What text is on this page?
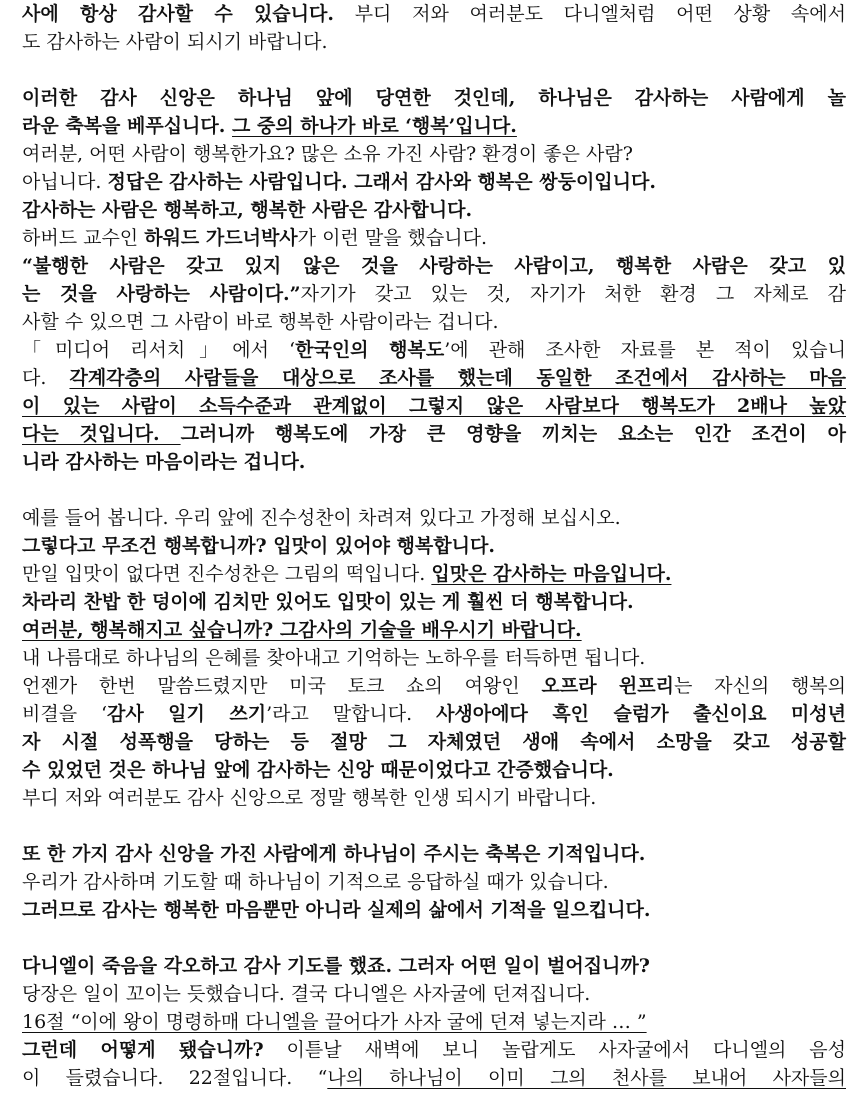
사에 항상 감사할 수 있습니다. 부디 저와 여러분도 다니엘처럼 어떤 상황 속에서
도 감사하는 사람이 되시기 바랍니다.
이러한 감사 신앙은 하나님 앞에 당연한 것인데, 하나님은 감사하는 사람에게 놀
라운 축복을 베푸십니다. 그 중의 하나가 바로 ‘행복’입니다.
여러분, 어떤 사람이 행복한가요? 많은 소유 가진 사람? 환경이 좋은 사람?
아닙니다. 정답은 감사하는 사람입니다. 그래서 감사와 행복은 쌍둥이입니다.
감사하는 사람은 행복하고, 행복한 사람은 감사합니다.
하버드 교수인 하워드 가드너박사가 이런 말을 했습니다.
“불행한 사람은 갖고 있지 않은 것을 사랑하는 사람이고, 행복한 사람은 갖고 있
는 것을 사랑하는 사람이다.”자기가 갖고 있는 것, 자기가 처한 환경 그 자체로 감
사할 수 있으면 그 사람이 바로 행복한 사람이라는 겁니다.
「미디어 리서치」에서 ‘한국인의 행복도’에 관해 조사한 자료를 본 적이 있습니
다. 각계각층의 사람들을 대상으로 조사를 했는데 동일한 조건에서 감사하는 마음
이 있는 사람이 소득수준과 관계없이 그렇지 않은 사람보다 행복도가 2배나 높았
다는 것입니다. 그러니까 행복도에 가장 큰 영향을 끼치는 요소는 인간 조건이 아
니라 감사하는 마음이라는 겁니다.
예를 들어 봅니다. 우리 앞에 진수성찬이 차려져 있다고 가정해 보십시오.
그렇다고 무조건 행복합니까? 입맛이 있어야 행복합니다.
만일 입맛이 없다면 진수성찬은 그림의 떡입니다. 입맛은 감사하는 마음입니다.
차라리 찬밥 한 덩이에 김치만 있어도 입맛이 있는 게 훨씬 더 행복합니다.
여러분, 행복해지고 싶습니까? 그감사의 기술을 배우시기 바랍니다.
내 나름대로 하나님의 은혜를 찾아내고 기억하는 노하우를 터득하면 됩니다.
언젠가 한번 말씀드렸지만 미국 토크 쇼의 여왕인 오프라 윈프리는 자신의 행복의
비결을 ‘감사 일기 쓰기’라고 말합니다. 사생아에다 흑인 슬럼가 출신이요 미성년
자 시절 성폭행을 당하는 등 절망 그 자체였던 생애 속에서 소망을 갖고 성공할
수 있었던 것은 하나님 앞에 감사하는 신앙 때문이었다고 간증했습니다.
부디 저와 여러분도 감사 신앙으로 정말 행복한 인생 되시기 바랍니다.
또 한 가지 감사 신앙을 가진 사람에게 하나님이 주시는 축복은 기적입니다.
우리가 감사하며 기도할 때 하나님이 기적으로 응답하실 때가 있습니다.
그러므로 감사는 행복한 마음뿐만 아니라 실제의 삶에서 기적을 일으킵니다.
다니엘이 죽음을 각오하고 감사 기도를 했죠. 그러자 어떤 일이 벌어집니까?
당장은 일이 꼬이는 듯했습니다. 결국 다니엘은 사자굴에 던져집니다.
16절 “이에 왕이 명령하매 다니엘을 끌어다가 사자 굴에 던져 넣는지라 … ”
그런데 어떻게 됐습니까? 이튿날 새벽에 보니 놀랍게도 사자굴에서 다니엘의 음성
이 들렸습니다. 22절입니다. “나의 하나님이 이미 그의 천사를 보내어 사자들의
